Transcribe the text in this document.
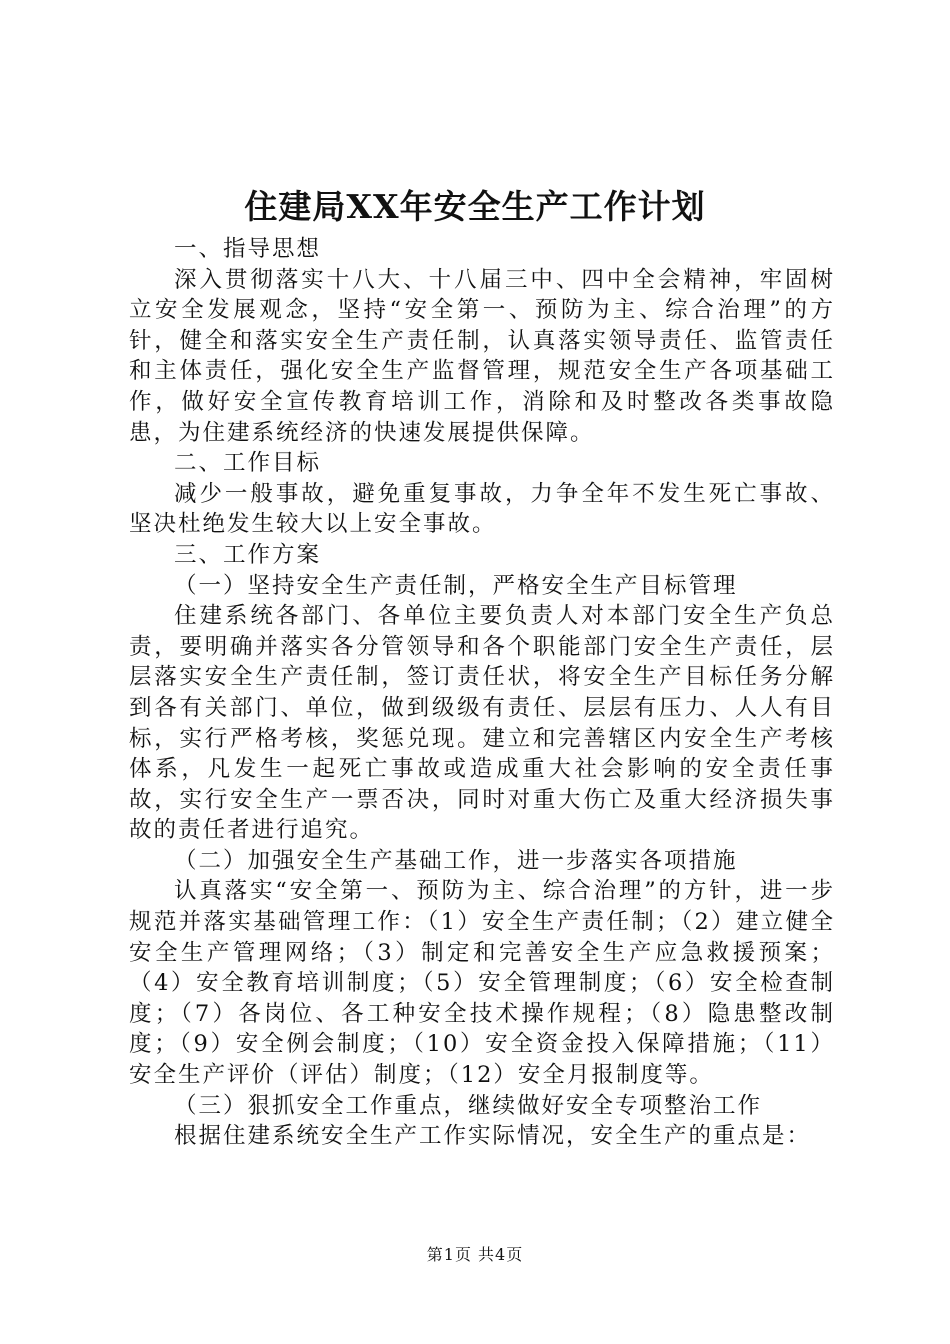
住建局XX年安全生产工作计划

一、指导思想

深入贯彻落实十八大、十八届三中、四中全会精神，牢固树立安全发展观念，坚持“安全第一、预防为主、综合治理”的方针，健全和落实安全生产责任制，认真落实领导责任、监管责任和主体责任，强化安全生产监督管理，规范安全生产各项基础工作，做好安全宣传教育培训工作，消除和及时整改各类事故隐患，为住建系统经济的快速发展提供保障。

二、工作目标

减少一般事故，避免重复事故，力争全年不发生死亡事故、坚决杜绝发生较大以上安全事故。

三、工作方案

（一）坚持安全生产责任制，严格安全生产目标管理

住建系统各部门、各单位主要负责人对本部门安全生产负总责，要明确并落实各分管领导和各个职能部门安全生产责任，层层落实安全生产责任制，签订责任状，将安全生产目标任务分解到各有关部门、单位，做到级级有责任、层层有压力、人人有目标，实行严格考核，奖惩兑现。建立和完善辖区内安全生产考核体系，凡发生一起死亡事故或造成重大社会影响的安全责任事故，实行安全生产一票否决，同时对重大伤亡及重大经济损失事故的责任者进行追究。

（二）加强安全生产基础工作，进一步落实各项措施

认真落实“安全第一、预防为主、综合治理”的方针，进一步规范并落实基础管理工作：（1）安全生产责任制；（2）建立健全安全生产管理网络；（3）制定和完善安全生产应急救援预案；（4）安全教育培训制度；（5）安全管理制度；（6）安全检查制度；（7）各岗位、各工种安全技术操作规程；（8）隐患整改制度；（9）安全例会制度；（10）安全资金投入保障措施；（11）安全生产评价（评估）制度；（12）安全月报制度等。

（三）狠抓安全工作重点，继续做好安全专项整治工作

根据住建系统安全生产工作实际情况，安全生产的重点是：

第1页 共4页
